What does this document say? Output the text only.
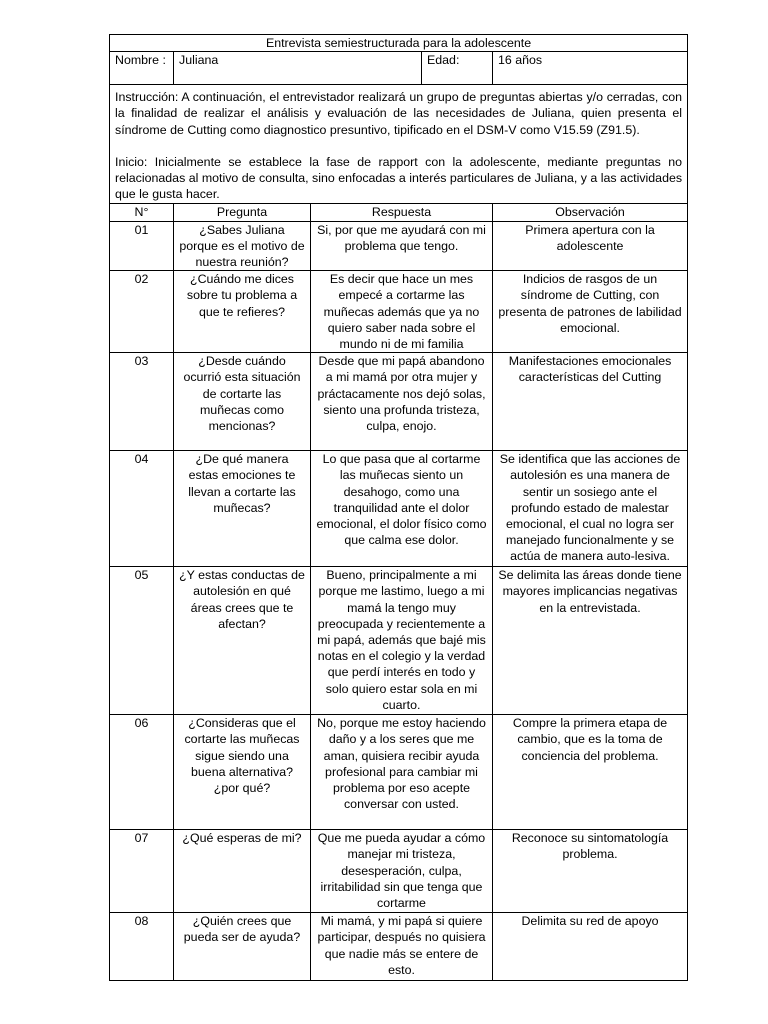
Entrevista semiestructurada para la adolescente			
Nombre :	Juliana Edad:		16 años

Instrucción: A continuación, el entrevistador realizará un grupo de preguntas abiertas y/o cerradas, con la finalidad de realizar el análisis y evaluación de las necesidades de Juliana, quien presenta el síndrome de Cutting como diagnostico presuntivo, tipificado en el DSM-V como V15.59 (Z91.5).
Inicio: Inicialmente se establece la fase de rapport con la adolescente, mediante preguntas no relacionadas al motivo de consulta, sino enfocadas a interés particulares de Juliana, y a las actividades que le gusta hacer.			

N°	Pregunta	Respuesta	Observación
01	¿Sabes Juliana porque es el motivo de nuestra reunión?	Si, por que me ayudará con mi problema que tengo.	Primera apertura con la adolescente
02	¿Cuándo me dices sobre tu problema a que te refieres?	Es decir que hace un mes empecé a cortarme las muñecas además que ya no quiero saber nada sobre el mundo ni de mi familia	Indicios de rasgos de un síndrome de Cutting, con presenta de patrones de labilidad emocional.
03	¿Desde cuándo ocurrió esta situación de cortarte las muñecas como mencionas?	Desde que mi papá abandono a mi mamá por otra mujer y práctacamente nos dejó solas, siento una profunda tristeza, culpa, enojo.	Manifestaciones emocionales características del Cutting
04	¿De qué manera estas emociones te llevan a cortarte las muñecas?	Lo que pasa que al cortarme las muñecas siento un desahogo, como una tranquilidad ante el dolor emocional, el dolor físico como que calma ese dolor.	Se identifica que las acciones de autolesión es una manera de sentir un sosiego ante el profundo estado de malestar emocional, el cual no logra ser manejado funcionalmente y se actúa de manera auto-lesiva.
05	¿Y estas conductas de autolesión en qué áreas crees que te afectan?	Bueno, principalmente a mi porque me lastimo, luego a mi mamá la tengo muy preocupada y recientemente a mi papá, además que bajé mis notas en el colegio y la verdad que perdí interés en todo y solo quiero estar sola en mi cuarto.	Se delimita las áreas donde tiene mayores implicancias negativas en la entrevistada.
06	¿Consideras que el cortarte las muñecas sigue siendo una buena alternativa? ¿por qué?	No, porque me estoy haciendo daño y a los seres que me aman, quisiera recibir ayuda profesional para cambiar mi problema por eso acepte conversar con usted.	Compre la primera etapa de cambio, que es la toma de conciencia del problema.
07	¿Qué esperas de mi?	Que me pueda ayudar a cómo manejar mi tristeza, desesperación, culpa, irritabilidad sin que tenga que cortarme	Reconoce su sintomatología problema.
08	¿Quién crees que pueda ser de ayuda?	Mi mamá, y mi papá si quiere participar, después no quisiera que nadie más se entere de esto.	Delimita su red de apoyo
